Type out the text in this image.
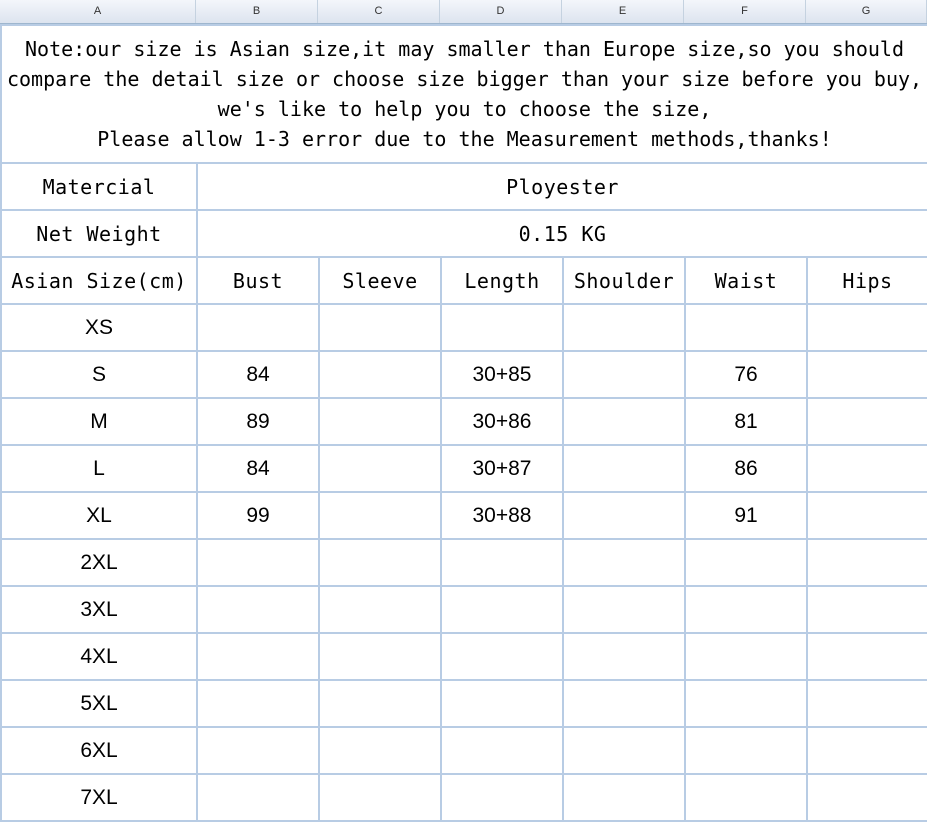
A	B	C	D	E	F	G
Note:our size is Asian size,it may smaller than Europe size,so you should
compare the detail size or choose size bigger than your size before you buy,
we's like to help you to choose the size,
Please allow 1-3 error due to the Measurement methods,thanks!						

Matercial	Ployester					
Net Weight	0.15 KG					
Asian Size(cm)	Bust	Sleeve	Length	Shoulder	Waist	Hips
XS						
S	84		30+85		76	
M	89		30+86		81	
L	84		30+87		86	
XL	99		30+88		91	
2XL						
3XL						
4XL						
5XL						
6XL						
7XL						
